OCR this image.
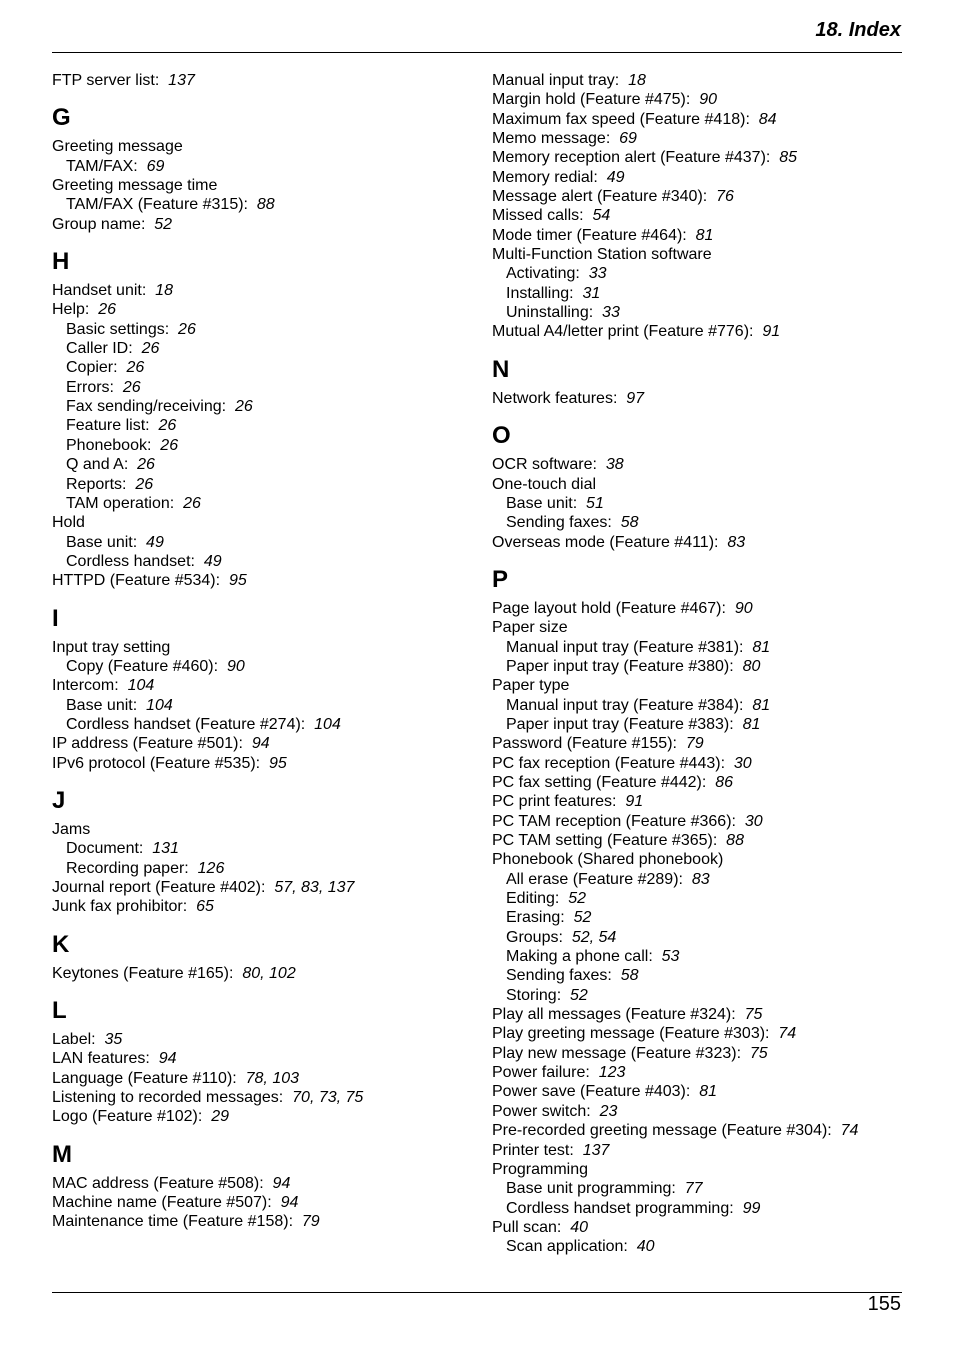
18. Index
FTP server list: 137
G
Greeting message
TAM/FAX: 69
Greeting message time
TAM/FAX (Feature #315): 88
Group name: 52
H
Handset unit: 18
Help: 26
Basic settings: 26
Caller ID: 26
Copier: 26
Errors: 26
Fax sending/receiving: 26
Feature list: 26
Phonebook: 26
Q and A: 26
Reports: 26
TAM operation: 26
Hold
Base unit: 49
Cordless handset: 49
HTTPD (Feature #534): 95
I
Input tray setting
Copy (Feature #460): 90
Intercom: 104
Base unit: 104
Cordless handset (Feature #274): 104
IP address (Feature #501): 94
IPv6 protocol (Feature #535): 95
J
Jams
Document: 131
Recording paper: 126
Journal report (Feature #402): 57, 83, 137
Junk fax prohibitor: 65
K
Keytones (Feature #165): 80, 102
L
Label: 35
LAN features: 94
Language (Feature #110): 78, 103
Listening to recorded messages: 70, 73, 75
Logo (Feature #102): 29
M
MAC address (Feature #508): 94
Machine name (Feature #507): 94
Maintenance time (Feature #158): 79
Manual input tray: 18
Margin hold (Feature #475): 90
Maximum fax speed (Feature #418): 84
Memo message: 69
Memory reception alert (Feature #437): 85
Memory redial: 49
Message alert (Feature #340): 76
Missed calls: 54
Mode timer (Feature #464): 81
Multi-Function Station software
Activating: 33
Installing: 31
Uninstalling: 33
Mutual A4/letter print (Feature #776): 91
N
Network features: 97
O
OCR software: 38
One-touch dial
Base unit: 51
Sending faxes: 58
Overseas mode (Feature #411): 83
P
Page layout hold (Feature #467): 90
Paper size
Manual input tray (Feature #381): 81
Paper input tray (Feature #380): 80
Paper type
Manual input tray (Feature #384): 81
Paper input tray (Feature #383): 81
Password (Feature #155): 79
PC fax reception (Feature #443): 30
PC fax setting (Feature #442): 86
PC print features: 91
PC TAM reception (Feature #366): 30
PC TAM setting (Feature #365): 88
Phonebook (Shared phonebook)
All erase (Feature #289): 83
Editing: 52
Erasing: 52
Groups: 52, 54
Making a phone call: 53
Sending faxes: 58
Storing: 52
Play all messages (Feature #324): 75
Play greeting message (Feature #303): 74
Play new message (Feature #323): 75
Power failure: 123
Power save (Feature #403): 81
Power switch: 23
Pre-recorded greeting message (Feature #304): 74
Printer test: 137
Programming
Base unit programming: 77
Cordless handset programming: 99
Pull scan: 40
Scan application: 40
155
